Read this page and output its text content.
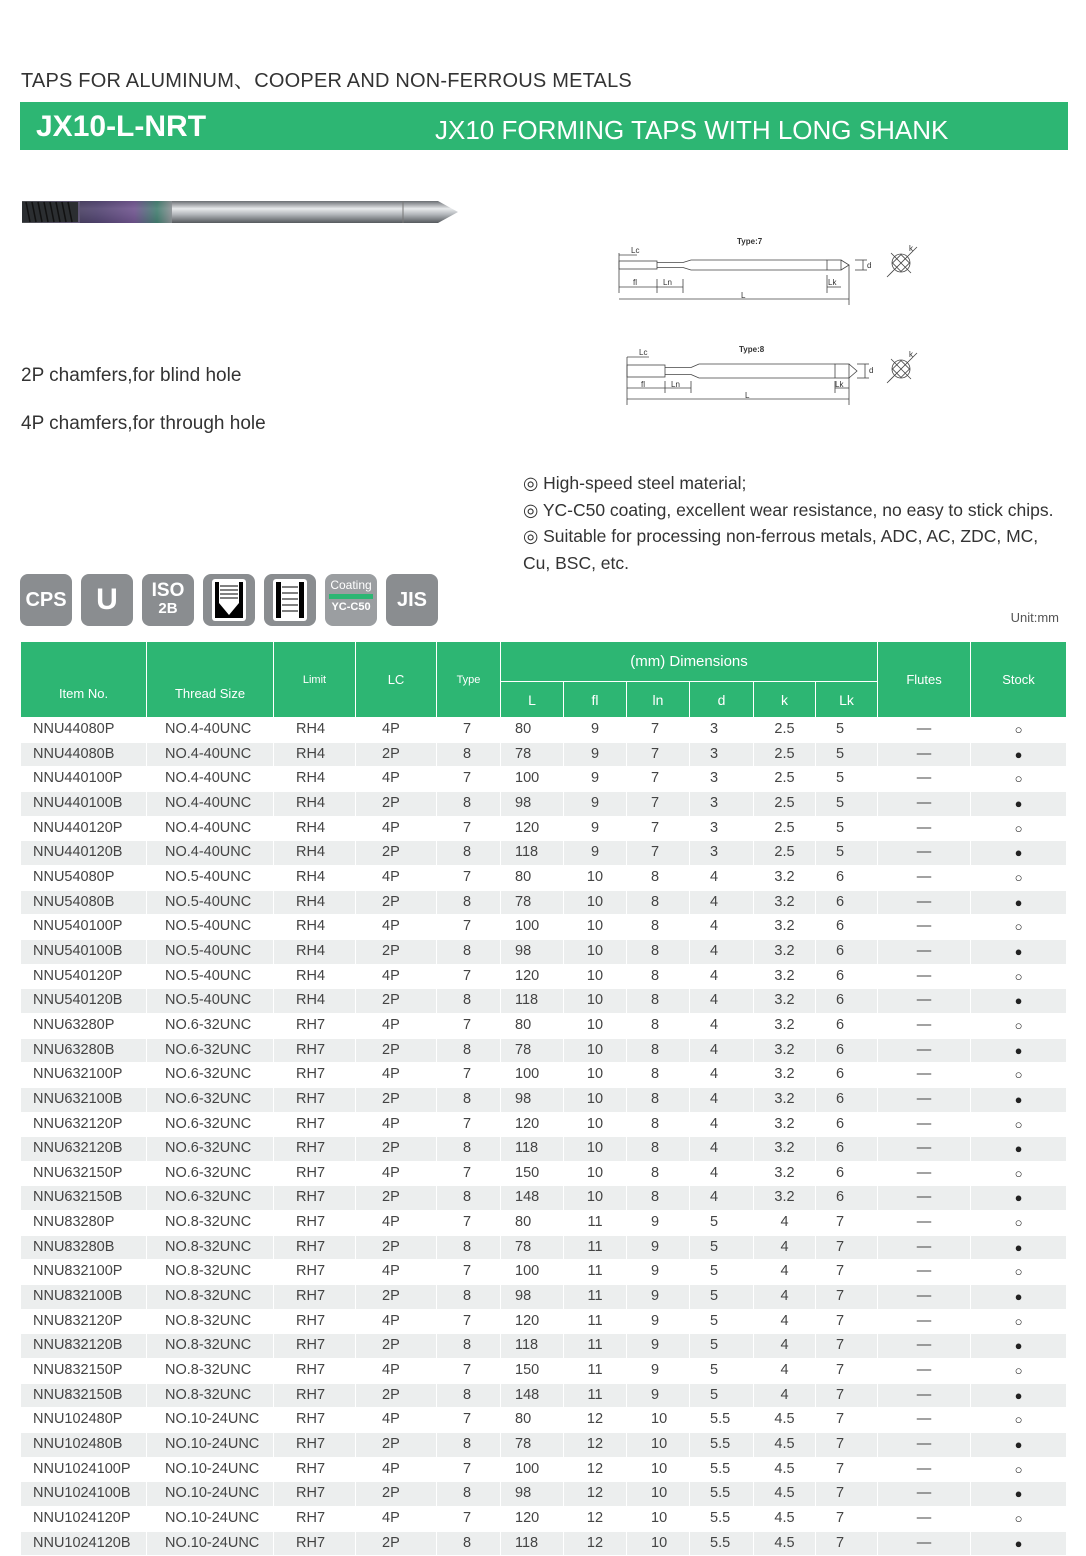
TAPS FOR ALUMINUM、COOPER AND NON-FERROUS METALS
JX10-L-NRT	JX10 FORMING TAPS WITH LONG SHANK
Type:7
Lc
fl	Ln
L
Lk
d
k
Type:8
Lc
fl	Ln
L
Lk
d
k
2P chamfers,for blind hole
4P chamfers,for through hole
◎ High-speed steel material;
◎ YC-C50 coating, excellent wear resistance, no easy to stick chips.
◎ Suitable for processing non-ferrous metals, ADC, AC, ZDC, MC, Cu, BSC, etc.
CPS U	ISO
2B
Coating
YC-C50	JIS
Unit:mm
Item No.	Thread Size	Limit	LC	Type	(mm) Dimensions						Flutes	Stock
					L	fl	ln	d	k	Lk		
NNU44080P	NO.4-40UNC	RH4	4P	7	80	9	7	3	2.5	5	—	○
NNU44080B	NO.4-40UNC	RH4	2P	8	78	9	7	3	2.5	5	—	●
NNU440100P	NO.4-40UNC	RH4	4P	7	100	9	7	3	2.5	5	—	○
NNU440100B	NO.4-40UNC	RH4	2P	8	98	9	7	3	2.5	5	—	●
NNU440120P	NO.4-40UNC	RH4	4P	7	120	9	7	3	2.5	5	—	○
NNU440120B	NO.4-40UNC	RH4	2P	8	118	9	7	3	2.5	5	—	●
NNU54080P	NO.5-40UNC	RH4	4P	7	80	10	8	4	3.2	6	—	○
NNU54080B	NO.5-40UNC	RH4	2P	8	78	10	8	4	3.2	6	—	●
NNU540100P	NO.5-40UNC	RH4	4P	7	100	10	8	4	3.2	6	—	○
NNU540100B	NO.5-40UNC	RH4	2P	8	98	10	8	4	3.2	6	—	●
NNU540120P	NO.5-40UNC	RH4	4P	7	120	10	8	4	3.2	6	—	○
NNU540120B	NO.5-40UNC	RH4	2P	8	118	10	8	4	3.2	6	—	●
NNU63280P	NO.6-32UNC	RH7	4P	7	80	10	8	4	3.2	6	—	○
NNU63280B	NO.6-32UNC	RH7	2P	8	78	10	8	4	3.2	6	—	●
NNU632100P	NO.6-32UNC	RH7	4P	7	100	10	8	4	3.2	6	—	○
NNU632100B	NO.6-32UNC	RH7	2P	8	98	10	8	4	3.2	6	—	●
NNU632120P	NO.6-32UNC	RH7	4P	7	120	10	8	4	3.2	6	—	○
NNU632120B	NO.6-32UNC	RH7	2P	8	118	10	8	4	3.2	6	—	●
NNU632150P	NO.6-32UNC	RH7	4P	7	150	10	8	4	3.2	6	—	○
NNU632150B	NO.6-32UNC	RH7	2P	8	148	10	8	4	3.2	6	—	●
NNU83280P	NO.8-32UNC	RH7	4P	7	80	11	9	5	4	7	—	○
NNU83280B	NO.8-32UNC	RH7	2P	8	78	11	9	5	4	7	—	●
NNU832100P	NO.8-32UNC	RH7	4P	7	100	11	9	5	4	7	—	○
NNU832100B	NO.8-32UNC	RH7	2P	8	98	11	9	5	4	7	—	●
NNU832120P	NO.8-32UNC	RH7	4P	7	120	11	9	5	4	7	—	○
NNU832120B	NO.8-32UNC	RH7	2P	8	118	11	9	5	4	7	—	●
NNU832150P	NO.8-32UNC	RH7	4P	7	150	11	9	5	4	7	—	○
NNU832150B	NO.8-32UNC	RH7	2P	8	148	11	9	5	4	7	—	●
NNU102480P	NO.10-24UNC	RH7	4P	7	80	12	10	5.5	4.5	7	—	○
NNU102480B	NO.10-24UNC	RH7	2P	8	78	12	10	5.5	4.5	7	—	●
NNU1024100P	NO.10-24UNC	RH7	4P	7	100	12	10	5.5	4.5	7	—	○
NNU1024100B	NO.10-24UNC	RH7	2P	8	98	12	10	5.5	4.5	7	—	●
NNU1024120P	NO.10-24UNC	RH7	4P	7	120	12	10	5.5	4.5	7	—	○
NNU1024120B	NO.10-24UNC	RH7	2P	8	118	12	10	5.5	4.5	7	—	●
